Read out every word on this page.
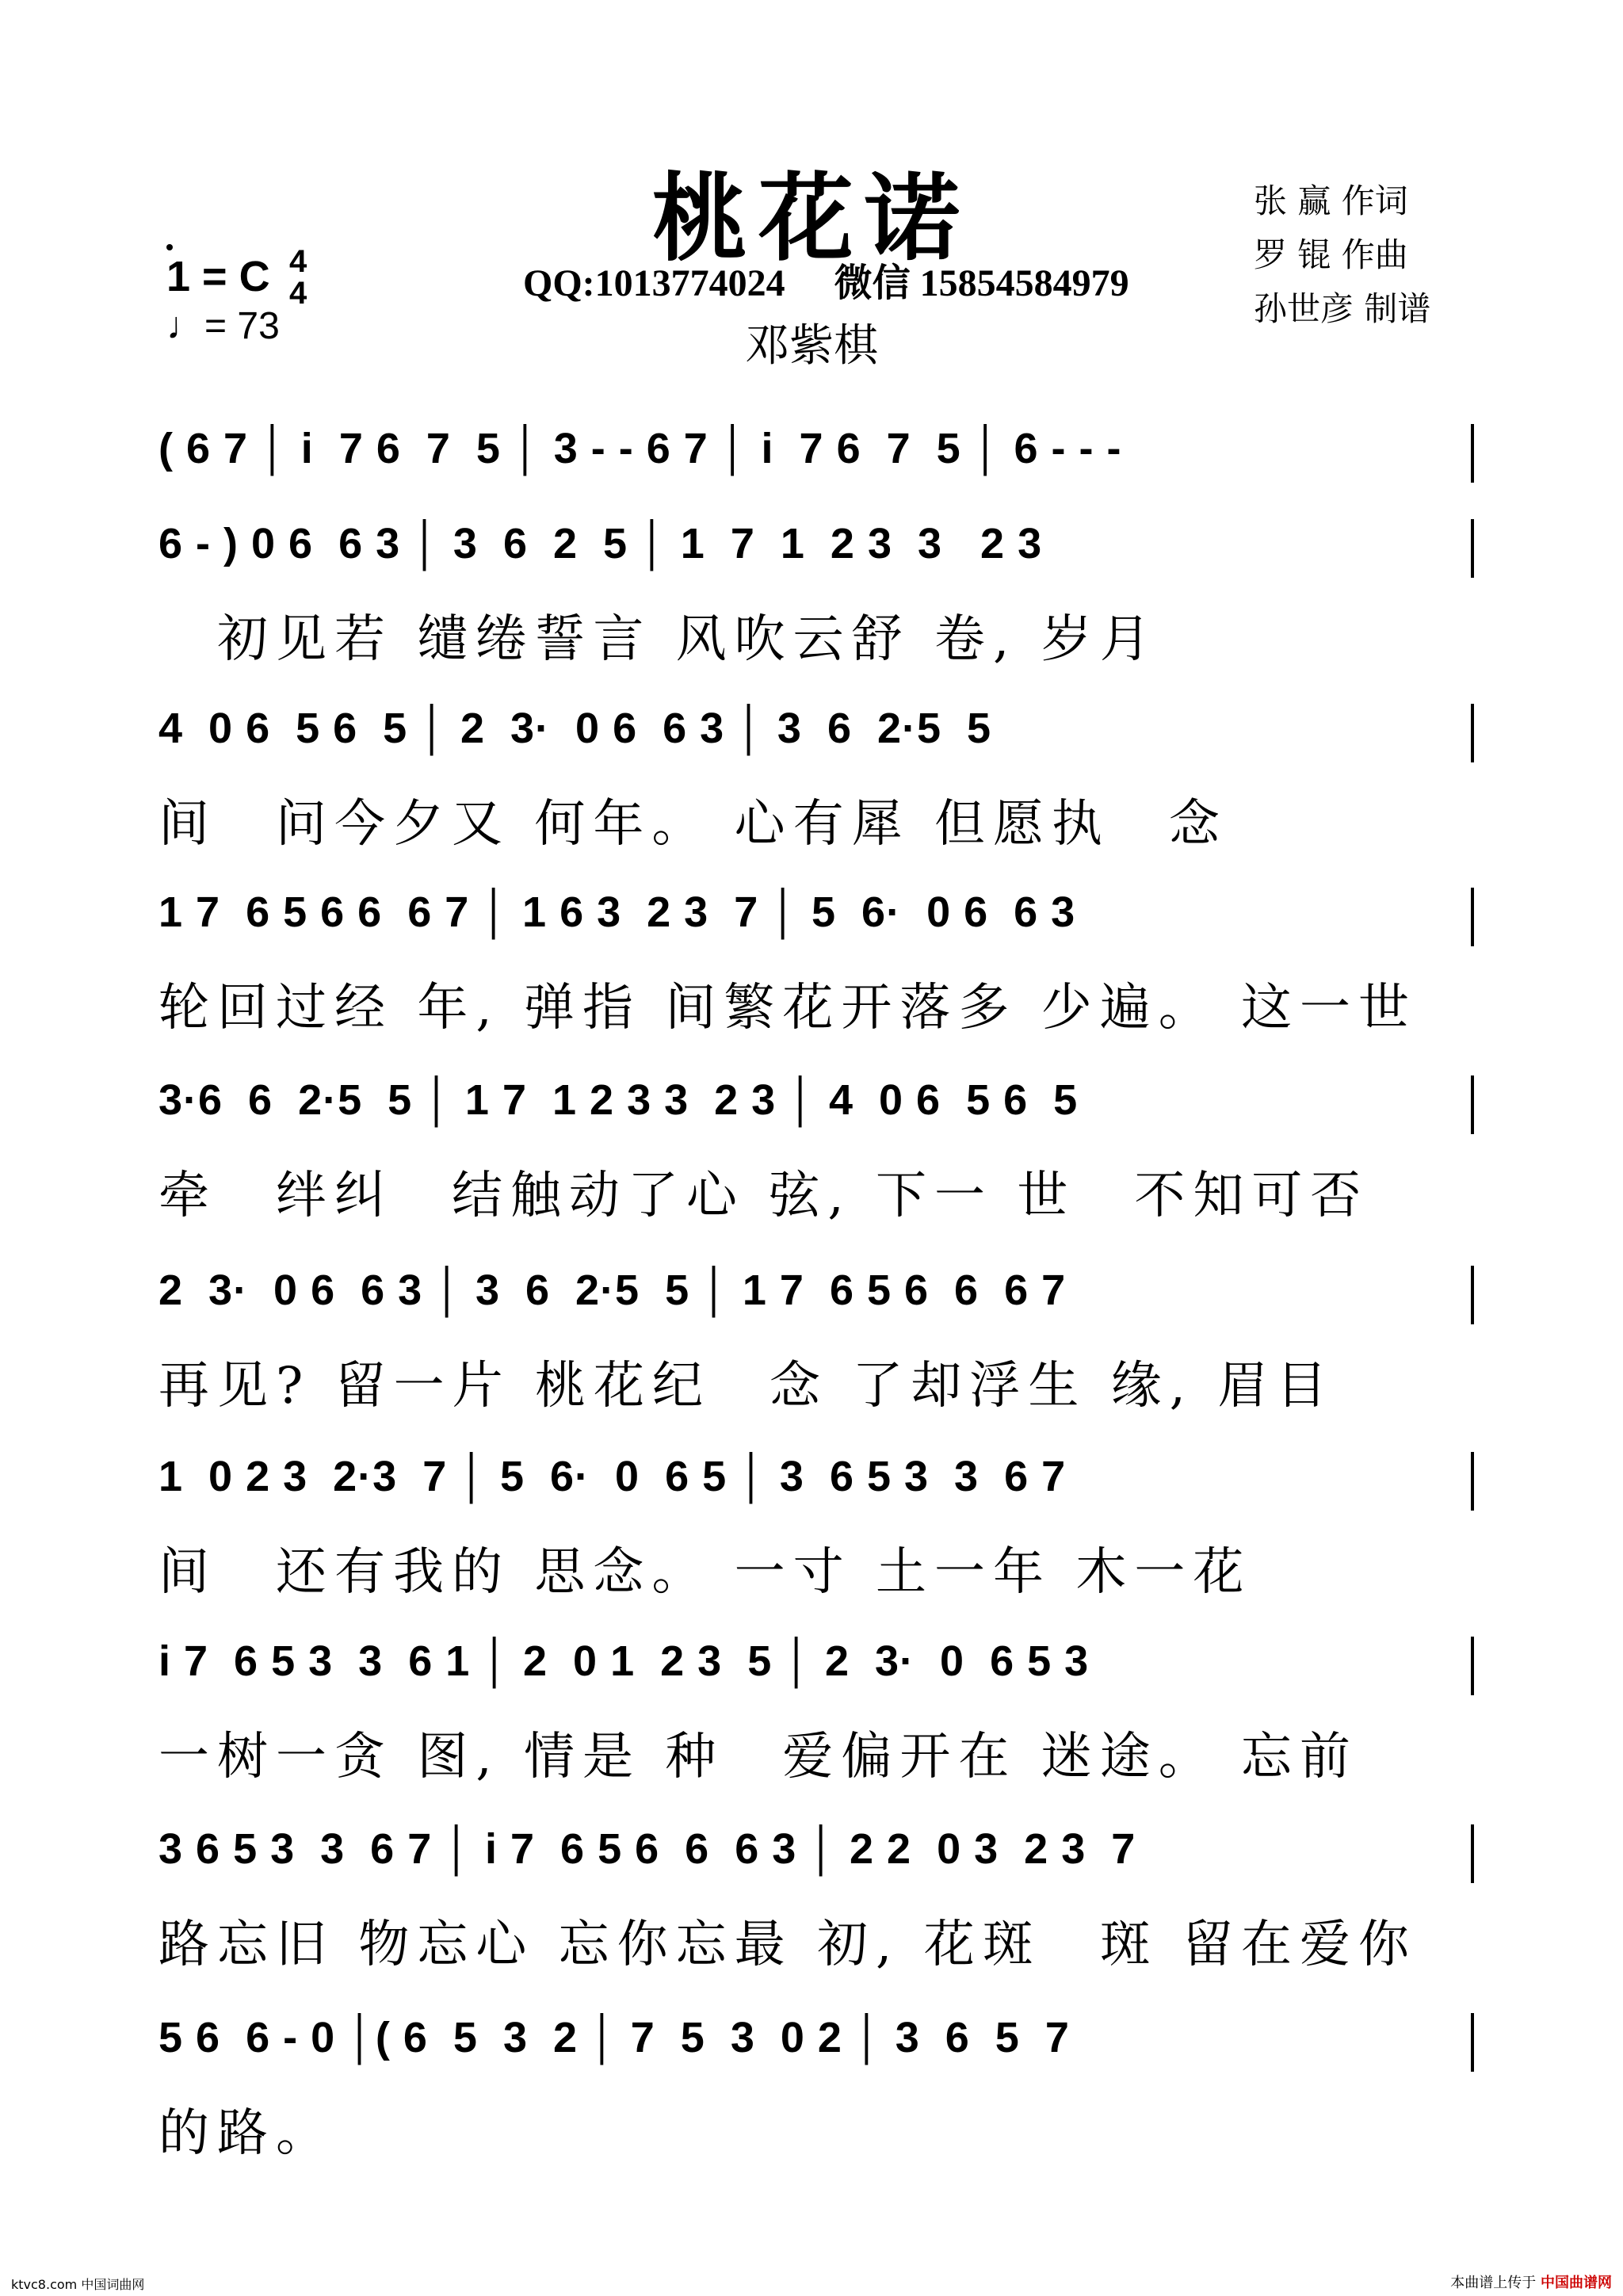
桃花诺
1 = C 4
4
♩= 73
QQ:1013774024 微信 15854584979
邓紫棋
张 赢 作词
罗 锟 作曲
孙世彦 制谱
( 6 7 │ i  7 6  7  5 │ 3 - - 6 7 │ i  7 6  7  5 │ 6 - - -
6 - ) 0 6  6 3 │ 3  6  2  5 │ 1  7  1  2 3  3   2 3
　初见若 缱绻誓言 风吹云舒 卷, 岁月
4  0 6  5 6  5 │ 2  3·  0 6  6 3 │ 3  6  2·5  5
间　问今夕又 何年。 心有犀 但愿执　念
1 7  6 5 6 6  6 7 │ 1 6 3  2 3  7 │ 5  6·  0 6  6 3
轮回过经 年, 弹指 间繁花开落多 少遍。 这一世
3·6  6  2·5  5 │ 1 7  1 2 3 3  2 3 │ 4  0 6  5 6  5
牵　绊纠　结触动了心 弦, 下一 世　不知可否
2  3·  0 6  6 3 │ 3  6  2·5  5 │ 1 7  6 5 6  6  6 7
再见? 留一片 桃花纪　念 了却浮生 缘, 眉目
1  0 2 3  2·3  7 │ 5  6·  0  6 5 │ 3  6 5 3  3  6 7
间　还有我的 思念。 一寸 土一年 木一花
i 7  6 5 3  3  6 1 │ 2  0 1  2 3  5 │ 2  3·  0  6 5 3
一树一贪 图, 情是 种　爱偏开在 迷途。 忘前
3 6 5 3  3  6 7 │ i 7  6 5 6  6  6 3 │ 2 2  0 3  2 3  7
路忘旧 物忘心 忘你忘最 初, 花斑　斑 留在爱你
5 6  6 - 0 │( 6  5  3  2 │ 7  5  3  0 2 │ 3  6  5  7
的路。
ktvc8.com 中国词曲网	本曲谱上传于 中国曲谱网
